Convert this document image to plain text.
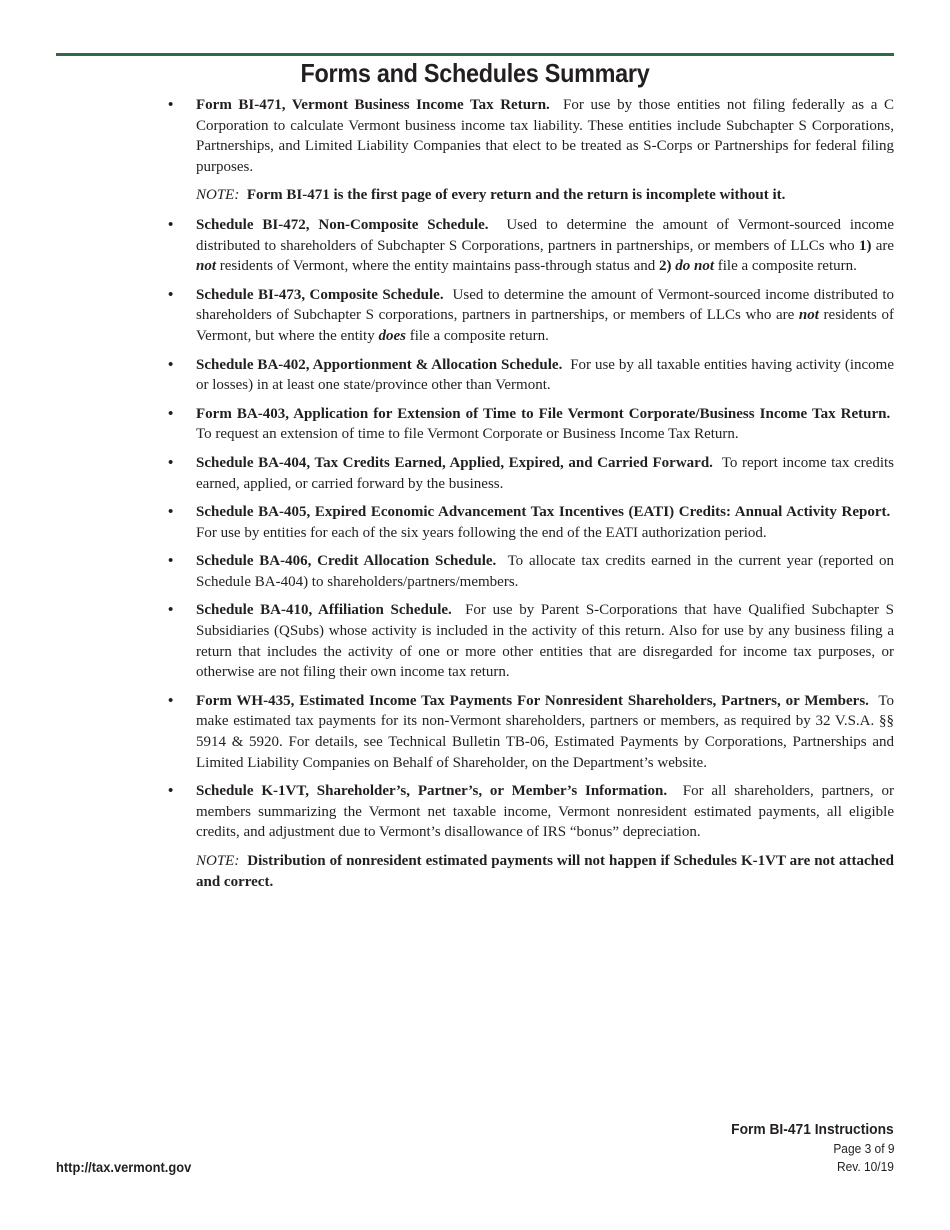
Forms and Schedules Summary
• Form BI-471, Vermont Business Income Tax Return. For use by those entities not filing federally as a C Corporation to calculate Vermont business income tax liability. These entities include Subchapter S Corporations, Partnerships, and Limited Liability Companies that elect to be treated as S-Corps or Partnerships for federal filing purposes.
NOTE: Form BI-471 is the first page of every return and the return is incomplete without it.
• Schedule BI-472, Non-Composite Schedule. Used to determine the amount of Vermont-sourced income distributed to shareholders of Subchapter S Corporations, partners in partnerships, or members of LLCs who 1) are not residents of Vermont, where the entity maintains pass-through status and 2) do not file a composite return.
• Schedule BI-473, Composite Schedule. Used to determine the amount of Vermont-sourced income distributed to shareholders of Subchapter S corporations, partners in partnerships, or members of LLCs who are not residents of Vermont, but where the entity does file a composite return.
• Schedule BA-402, Apportionment & Allocation Schedule. For use by all taxable entities having activity (income or losses) in at least one state/province other than Vermont.
• Form BA-403, Application for Extension of Time to File Vermont Corporate/Business Income Tax Return.  To request an extension of time to file Vermont Corporate or Business Income Tax Return.
• Schedule BA-404, Tax Credits Earned, Applied, Expired, and Carried Forward. To report income tax credits earned, applied, or carried forward by the business.
• Schedule BA-405, Expired Economic Advancement Tax Incentives (EATI) Credits: Annual Activity Report.  For use by entities for each of the six years following the end of the EATI authorization period.
• Schedule BA-406, Credit Allocation Schedule. To allocate tax credits earned in the current year (reported on Schedule BA-404) to shareholders/partners/members.
• Schedule BA-410, Affiliation Schedule. For use by Parent S-Corporations that have Qualified Subchapter S Subsidiaries (QSubs) whose activity is included in the activity of this return. Also for use by any business filing a return that includes the activity of one or more other entities that are disregarded for income tax purposes, or otherwise are not filing their own income tax return.
• Form WH-435, Estimated Income Tax Payments For Nonresident Shareholders, Partners, or Members. To make estimated tax payments for its non-Vermont shareholders, partners or members, as required by 32 V.S.A. §§ 5914 & 5920. For details, see Technical Bulletin TB-06, Estimated Payments by Corporations, Partnerships and Limited Liability Companies on Behalf of Shareholder, on the Department’s website.
• Schedule K-1VT, Shareholder’s, Partner’s, or Member’s Information. For all shareholders, partners, or members summarizing the Vermont net taxable income, Vermont nonresident estimated payments, all eligible credits, and adjustment due to Vermont’s disallowance of IRS “bonus” depreciation.
NOTE: Distribution of nonresident estimated payments will not happen if Schedules K-1VT are not attached and correct.
http://tax.vermont.gov
Form BI-471 Instructions
Page 3 of 9
Rev. 10/19
